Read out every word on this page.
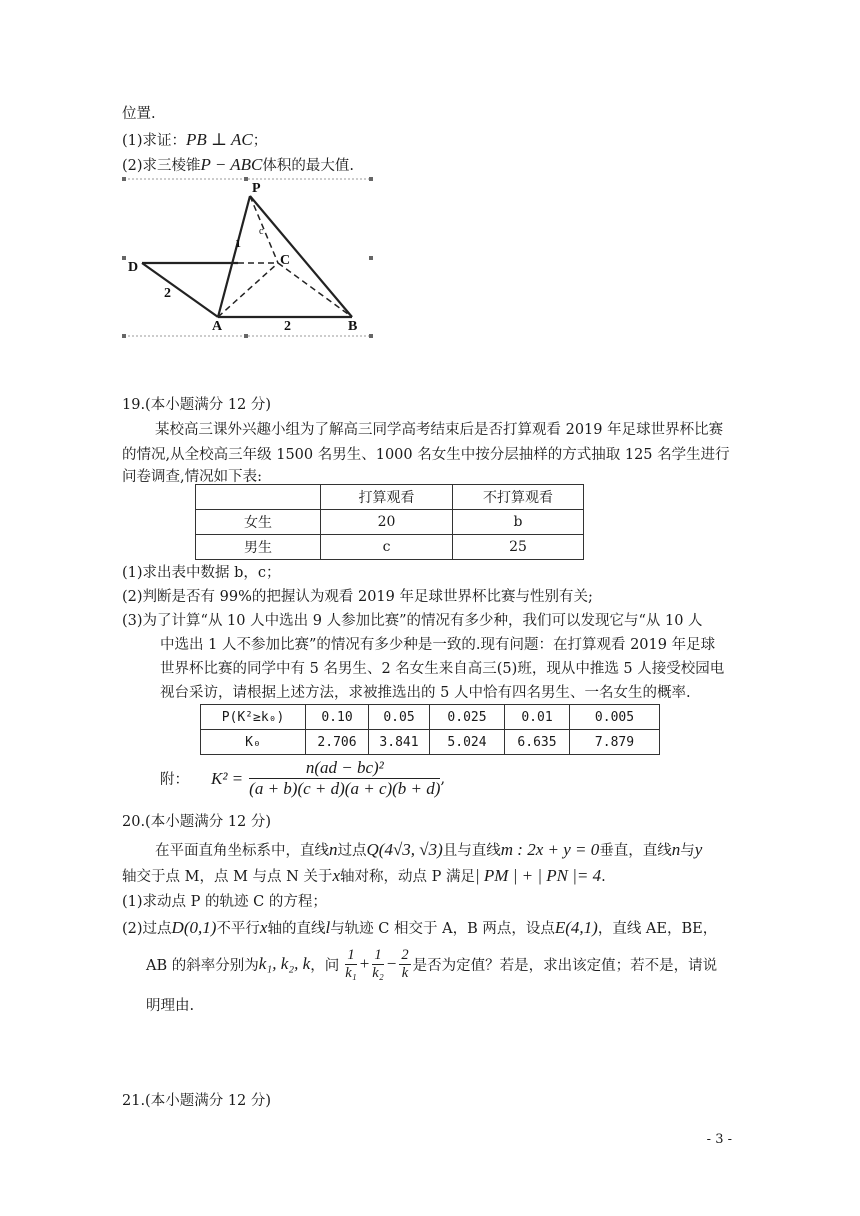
位置.
(1)求证：PB ⊥ AC；
(2)求三棱锥P − ABC体积的最大值.
P
C
D
A	B
2
2
1
c
19.(本小题满分 12 分)
某校高三课外兴趣小组为了解高三同学高考结束后是否打算观看 2019 年足球世界杯比赛
的情况,从全校高三年级 1500 名男生、1000 名女生中按分层抽样的方式抽取 125 名学生进行
问卷调查,情况如下表:
	打算观看	不打算观看
女生	20	b
男生	c	25
(1)求出表中数据 b，c；
(2)判断是否有 99%的把握认为观看 2019 年足球世界杯比赛与性别有关;
(3)为了计算“从 10 人中选出 9 人参加比赛”的情况有多少种，我们可以发现它与“从 10 人
中选出 1 人不参加比赛”的情况有多少种是一致的.现有问题：在打算观看 2019 年足球
世界杯比赛的同学中有 5 名男生、2 名女生来自高三(5)班，现从中推选 5 人接受校园电
视台采访，请根据上述方法，求被推选出的 5 人中恰有四名男生、一名女生的概率.
P(K²≥k₀)	0.10	0.05	0.025	0.01	0.005
K₀	2.706	3.841	5.024	6.635	7.879
附： $K^2 = \frac{\text{n(ad − bc)²}}{(a + b)(c + d)(a + c)(b + d)}$ ,
20.(本小题满分 12 分)
在平面直角坐标系中，直线n过点Q(4√3, √3)且与直线m : 2x + y = 0垂直，直线n与y
轴交于点 M，点 M 与点 N 关于x轴对称，动点 P 满足| PM | + | PN |= 4.
(1)求动点 P 的轨迹 C 的方程；
(2)过点D(0,1)不平行x轴的直线l与轨迹 C 相交于 A，B 两点，设点E(4,1)，直线 AE，BE，
AB 的斜率分别为 k₁, k₂, k ，问 $\frac{1}{\text{k₁}} + \frac{1}{\text{k₂}} - \frac{2}{k}$ 是否为定值？若是，求出该定值；若不是，请说
明理由.
21.(本小题满分 12 分)
- 3 -
